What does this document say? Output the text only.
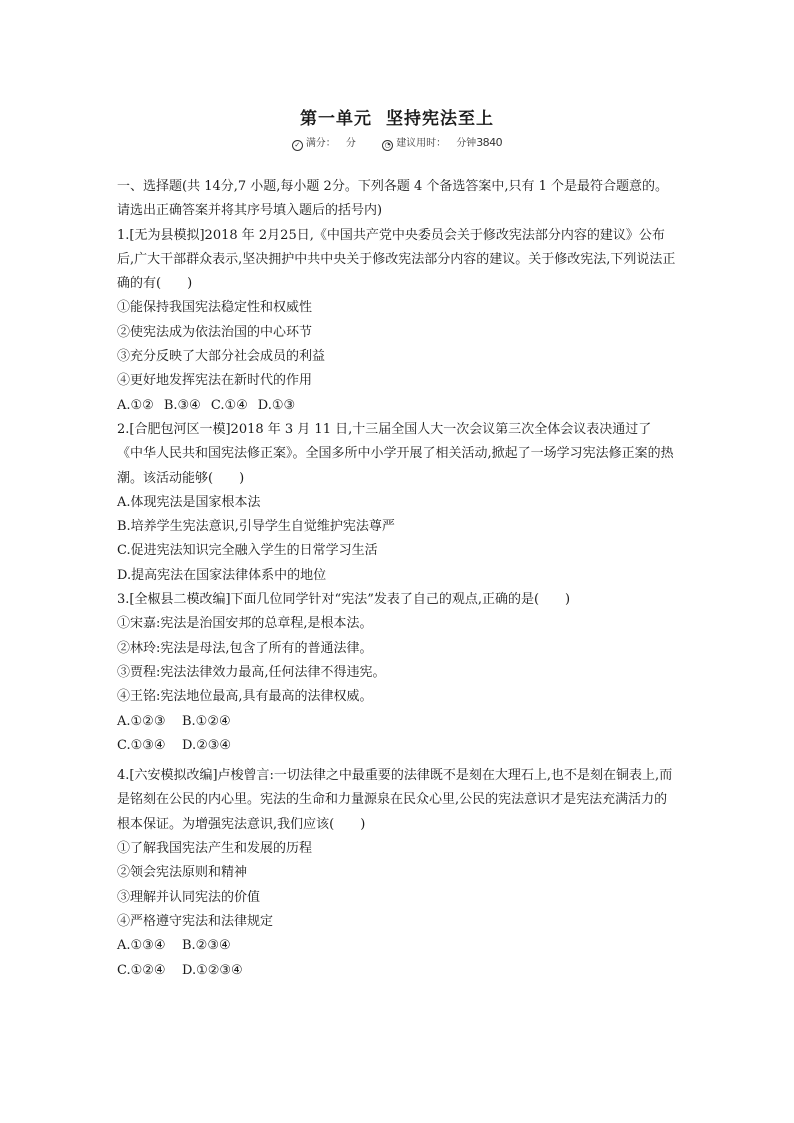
第一单元 坚持宪法至上
✓ 满分： 分	◔ 建议用时： 分钟3840

一、选择题(共 14分,7 小题,每小题 2分。下列各题 4 个备选答案中,只有 1 个是最符合题意的。请选出正确答案并将其序号填入题后的括号内)

1.[无为县模拟]2018 年 2月25日,《中国共产党中央委员会关于修改宪法部分内容的建议》公布后,广大干部群众表示,坚决拥护中共中央关于修改宪法部分内容的建议。关于修改宪法,下列说法正确的有(　　)

①能保持我国宪法稳定性和权威性

②使宪法成为依法治国的中心环节

③充分反映了大部分社会成员的利益

④更好地发挥宪法在新时代的作用

A.①② B.③④ C.①④ D.①③

2.[合肥包河区一模]2018 年 3 月 11 日,十三届全国人大一次会议第三次全体会议表决通过了《中华人民共和国宪法修正案》。全国多所中小学开展了相关活动,掀起了一场学习宪法修正案的热潮。该活动能够(　　)

A.体现宪法是国家根本法

B.培养学生宪法意识,引导学生自觉维护宪法尊严

C.促进宪法知识完全融入学生的日常学习生活

D.提高宪法在国家法律体系中的地位

3.[全椒县二模改编]下面几位同学针对“宪法”发表了自己的观点,正确的是(　　)

①宋嘉:宪法是治国安邦的总章程,是根本法。

②林玲:宪法是母法,包含了所有的普通法律。

③贾程:宪法法律效力最高,任何法律不得违宪。

④王铭:宪法地位最高,具有最高的法律权威。

A.①②③ B.①②④

C.①③④ D.②③④

4.[六安模拟改编]卢梭曾言:一切法律之中最重要的法律既不是刻在大理石上,也不是刻在铜表上,而是铭刻在公民的内心里。宪法的生命和力量源泉在民众心里,公民的宪法意识才是宪法充满活力的根本保证。为增强宪法意识,我们应该(　　)

①了解我国宪法产生和发展的历程

②领会宪法原则和精神

③理解并认同宪法的价值

④严格遵守宪法和法律规定

A.①③④ B.②③④

C.①②④ D.①②③④
